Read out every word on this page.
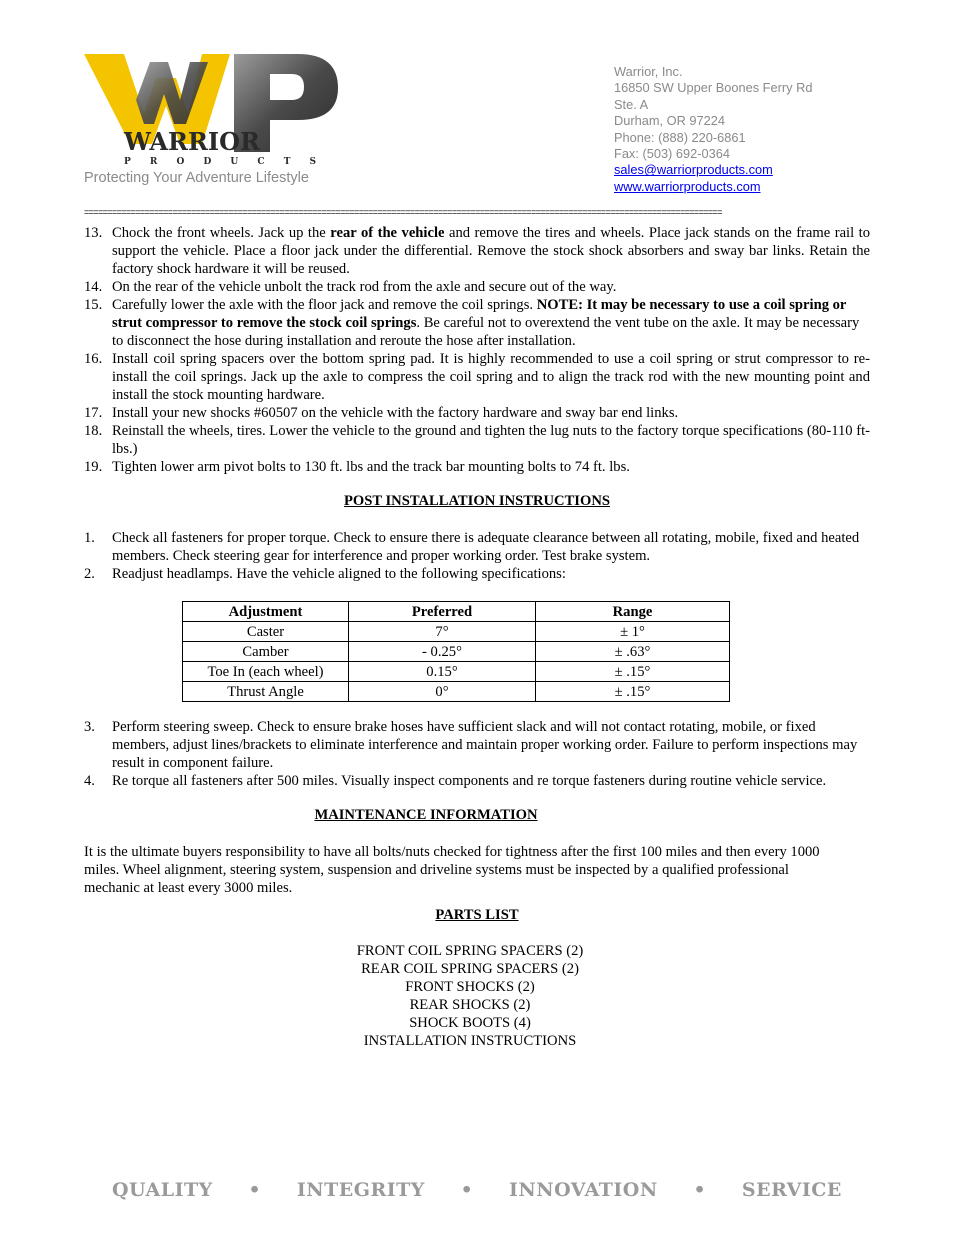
WARRIOR
P R O D U C T S
Protecting Your Adventure Lifestyle
Warrior, Inc.
16850 SW Upper Boones Ferry Rd
Ste. A
Durham, OR 97224
Phone: (888) 220-6861
Fax: (503) 692-0364
sales@warriorproducts.com
www.warriorproducts.com
=========================================================================================================================================
13. Chock the front wheels. Jack up the rear of the vehicle and remove the tires and wheels. Place jack stands on the frame rail to support the vehicle. Place a floor jack under the differential. Remove the stock shock absorbers and sway bar links. Retain the factory shock hardware it will be reused.
14. On the rear of the vehicle unbolt the track rod from the axle and secure out of the way.
15. Carefully lower the axle with the floor jack and remove the coil springs. NOTE: It may be necessary to use a coil spring or strut compressor to remove the stock coil springs. Be careful not to overextend the vent tube on the axle. It may be necessary to disconnect the hose during installation and reroute the hose after installation.
16. Install coil spring spacers over the bottom spring pad. It is highly recommended to use a coil spring or strut compressor to re-install the coil springs. Jack up the axle to compress the coil spring and to align the track rod with the new mounting point and install the stock mounting hardware.
17. Install your new shocks #60507 on the vehicle with the factory hardware and sway bar end links.
18. Reinstall the wheels, tires. Lower the vehicle to the ground and tighten the lug nuts to the factory torque specifications (80-110 ft-lbs.)
19. Tighten lower arm pivot bolts to 130 ft. lbs and the track bar mounting bolts to 74 ft. lbs.
POST INSTALLATION INSTRUCTIONS
1.	Check all fasteners for proper torque. Check to ensure there is adequate clearance between all rotating, mobile, fixed and heated members. Check steering gear for interference and proper working order. Test brake system.
2.	Readjust headlamps. Have the vehicle aligned to the following specifications:
Adjustment	Preferred	Range
Caster	7°	± 1°
Camber	- 0.25°	± .63°
Toe In (each wheel)	0.15°	± .15°
Thrust Angle	0°	± .15°
3.	Perform steering sweep. Check to ensure brake hoses have sufficient slack and will not contact rotating, mobile, or fixed members, adjust lines/brackets to eliminate interference and maintain proper working order. Failure to perform inspections may result in component failure.
4.	Re torque all fasteners after 500 miles. Visually inspect components and re torque fasteners during routine vehicle service.
MAINTENANCE INFORMATION
It is the ultimate buyers responsibility to have all bolts/nuts checked for tightness after the first 100 miles and then every 1000 miles. Wheel alignment, steering system, suspension and driveline systems must be inspected by a qualified professional mechanic at least every 3000 miles.
PARTS LIST
FRONT COIL SPRING SPACERS (2)
REAR COIL SPRING SPACERS (2)
FRONT SHOCKS (2)
REAR SHOCKS (2)
SHOCK BOOTS (4)
INSTALLATION INSTRUCTIONS
QUALITY • INTEGRITY • INNOVATION • SERVICE
